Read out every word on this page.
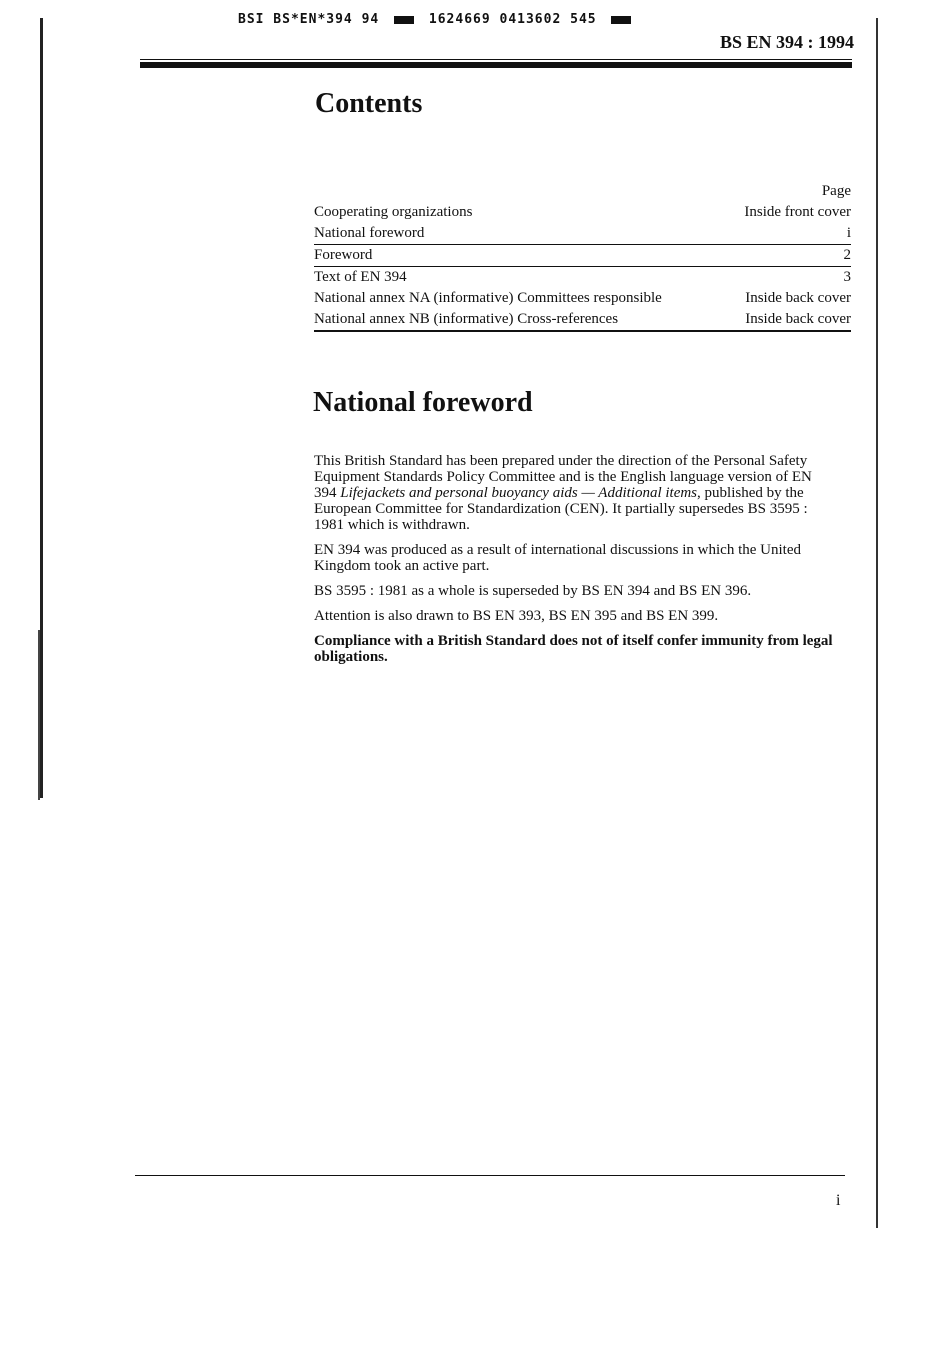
BSI BS*EN*394 94	1624669 0413602 545
BS EN 394 : 1994
Contents
Page
Cooperating organizations	Inside front cover
National foreword	i
Foreword	2
Text of EN 394	3
National annex NA (informative) Committees responsible	Inside back cover
National annex NB (informative) Cross-references	Inside back cover
National foreword

This British Standard has been prepared under the direction of the Personal Safety Equipment Standards Policy Committee and is the English language version of EN 394 Lifejackets and personal buoyancy aids — Additional items, published by the European Committee for Standardization (CEN). It partially supersedes BS 3595 : 1981 which is withdrawn.

EN 394 was produced as a result of international discussions in which the United Kingdom took an active part.

BS 3595 : 1981 as a whole is superseded by BS EN 394 and BS EN 396.

Attention is also drawn to BS EN 393, BS EN 395 and BS EN 399.

Compliance with a British Standard does not of itself confer immunity from legal obligations.

i
